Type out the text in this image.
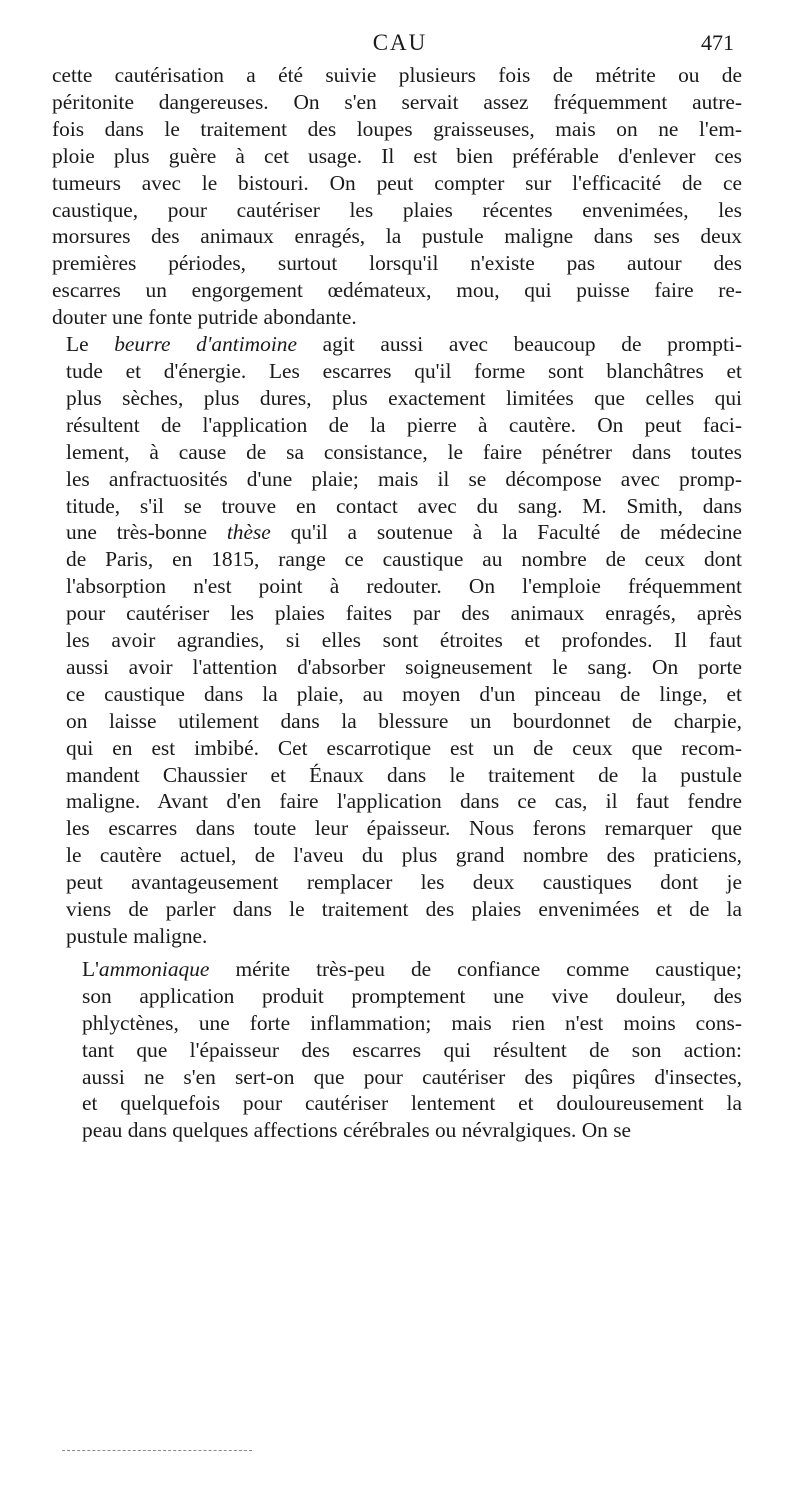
CAU	471

cette cautérisation a été suivie plusieurs fois de métrite ou de
péritonite dangereuses. On s'en servait assez fréquemment autre-
fois dans le traitement des loupes graisseuses, mais on ne l'em-
ploie plus guère à cet usage. Il est bien préférable d'enlever ces
tumeurs avec le bistouri. On peut compter sur l'efficacité de ce
caustique, pour cautériser les plaies récentes envenimées, les
morsures des animaux enragés, la pustule maligne dans ses deux
premières périodes, surtout lorsqu'il n'existe pas autour des
escarres un engorgement œdémateux, mou, qui puisse faire re-
douter une fonte putride abondante.

Le beurre d'antimoine agit aussi avec beaucoup de prompti-
tude et d'énergie. Les escarres qu'il forme sont blanchâtres et
plus sèches, plus dures, plus exactement limitées que celles qui
résultent de l'application de la pierre à cautère. On peut faci-
lement, à cause de sa consistance, le faire pénétrer dans toutes
les anfractuosités d'une plaie; mais il se décompose avec promp-
titude, s'il se trouve en contact avec du sang. M. Smith, dans
une très-bonne thèse qu'il a soutenue à la Faculté de médecine
de Paris, en 1815, range ce caustique au nombre de ceux dont
l'absorption n'est point à redouter. On l'emploie fréquemment
pour cautériser les plaies faites par des animaux enragés, après
les avoir agrandies, si elles sont étroites et profondes. Il faut
aussi avoir l'attention d'absorber soigneusement le sang. On porte
ce caustique dans la plaie, au moyen d'un pinceau de linge, et
on laisse utilement dans la blessure un bourdonnet de charpie,
qui en est imbibé. Cet escarrotique est un de ceux que recom-
mandent Chaussier et Énaux dans le traitement de la pustule
maligne. Avant d'en faire l'application dans ce cas, il faut fendre
les escarres dans toute leur épaisseur. Nous ferons remarquer que
le cautère actuel, de l'aveu du plus grand nombre des praticiens,
peut avantageusement remplacer les deux caustiques dont je
viens de parler dans le traitement des plaies envenimées et de la
pustule maligne.

L'ammoniaque mérite très-peu de confiance comme caustique;
son application produit promptement une vive douleur, des
phlyctènes, une forte inflammation; mais rien n'est moins cons-
tant que l'épaisseur des escarres qui résultent de son action:
aussi ne s'en sert-on que pour cautériser des piqûres d'insectes,
et quelquefois pour cautériser lentement et douloureusement la
peau dans quelques affections cérébrales ou névralgiques. On se
